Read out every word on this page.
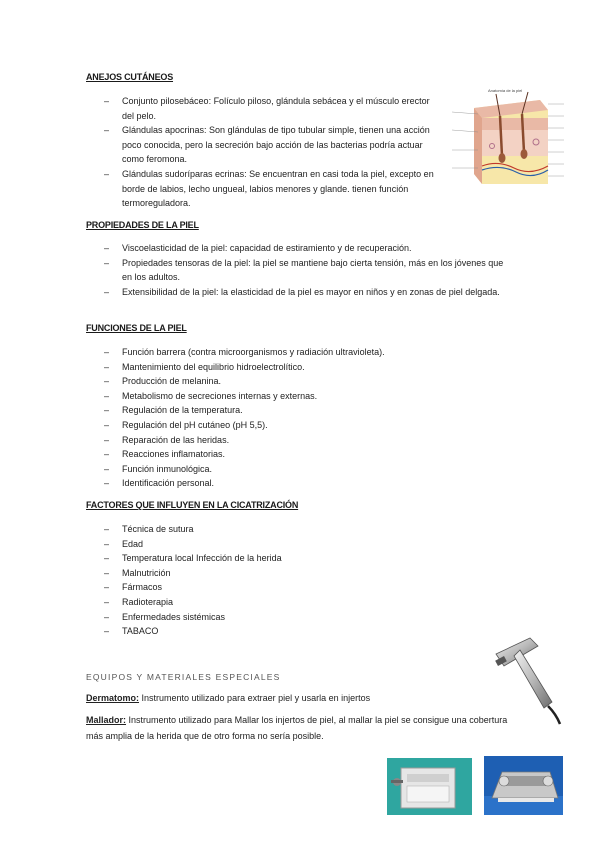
Anatomía de la piel
ANEJOS CUTÁNEOS
– Conjunto pilosebáceo: Folículo piloso, glándula sebácea y el músculo erector del pelo.
– Glándulas apocrinas: Son glándulas de tipo tubular simple, tienen una acción poco conocida, pero la secreción bajo acción de las bacterias podría actuar como feromona.
– Glándulas sudoríparas ecrinas: Se encuentran en casi toda la piel, excepto en borde de labios, lecho ungueal, labios menores y glande. tienen función termoreguladora.
PROPIEDADES DE LA PIEL
– Viscoelasticidad de la piel: capacidad de estiramiento y de recuperación.
– Propiedades tensoras de la piel: la piel se mantiene bajo cierta tensión, más en los jóvenes que en los adultos.
– Extensibilidad de la piel: la elasticidad de la piel es mayor en niños y en zonas de piel delgada.
FUNCIONES DE LA PIEL
– Función barrera (contra microorganismos y radiación ultravioleta).
– Mantenimiento del equilibrio hidroelectrolítico.
– Producción de melanina.
– Metabolismo de secreciones internas y externas.
– Regulación de la temperatura.
– Regulación del pH cutáneo (pH 5,5).
– Reparación de las heridas.
– Reacciones inflamatorias.
– Función inmunológica.
– Identificación personal.
FACTORES QUE INFLUYEN EN LA CICATRIZACIÓN
– Técnica de sutura
– Edad
– Temperatura local Infección de la herida
– Malnutrición
– Fármacos
– Radioterapia
– Enfermedades sistémicas
– TABACO
EQUIPOS Y MATERIALES ESPECIALES
Dermatomo: Instrumento utilizado para extraer piel y usarla en injertos
Mallador: Instrumento utilizado para Mallar los injertos de piel, al mallar la piel se consigue una cobertura más amplia de la herida que de otro forma no sería posible.
